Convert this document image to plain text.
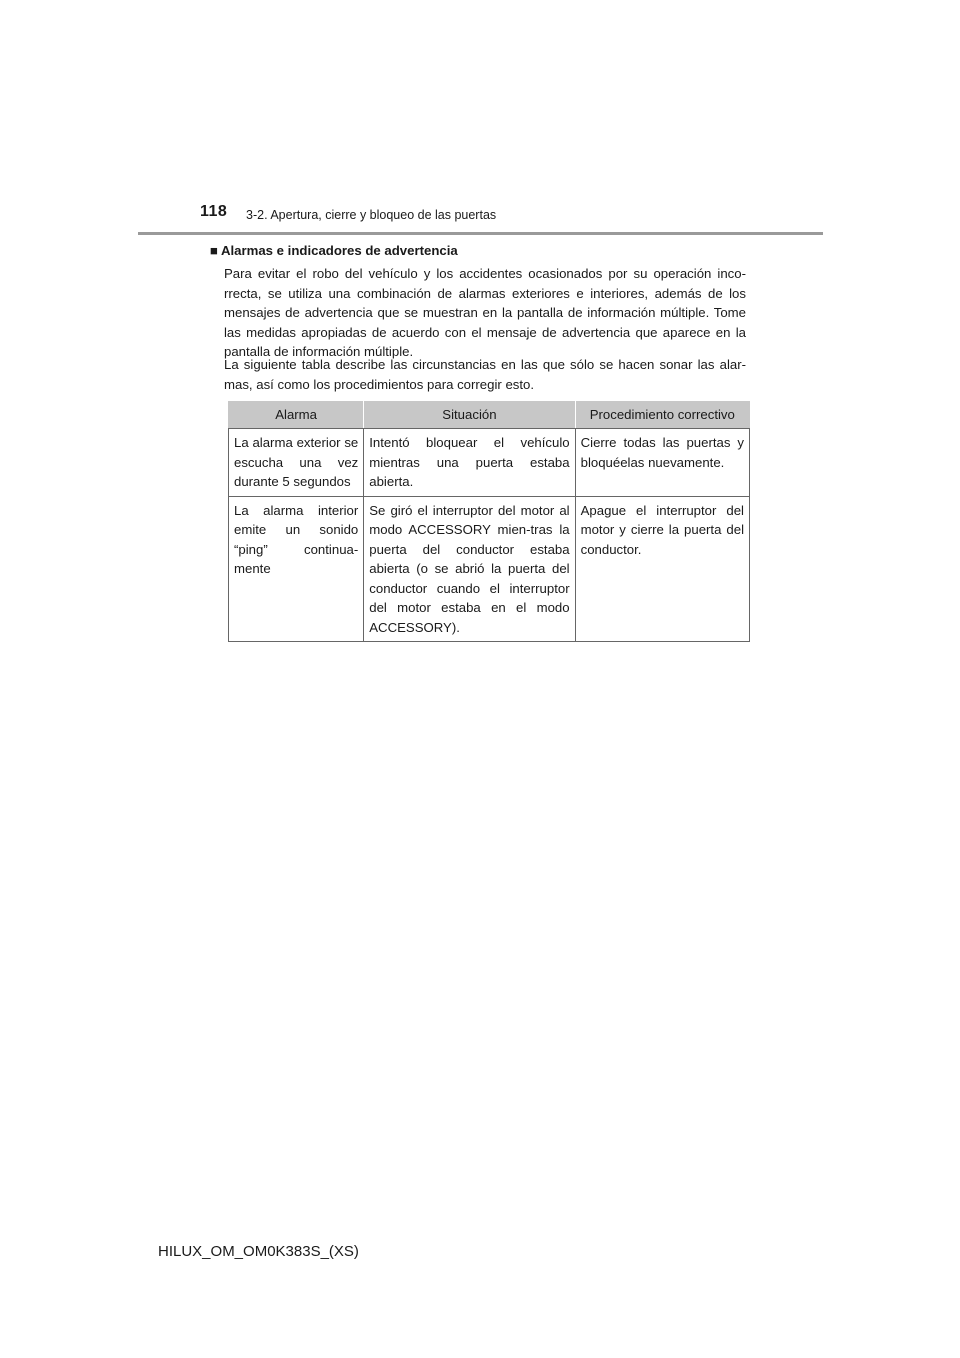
118 3-2. Apertura, cierre y bloqueo de las puertas
■ Alarmas e indicadores de advertencia
Para evitar el robo del vehículo y los accidentes ocasionados por su operación inco-rrecta, se utiliza una combinación de alarmas exteriores e interiores, además de los mensajes de advertencia que se muestran en la pantalla de información múltiple. Tome las medidas apropiadas de acuerdo con el mensaje de advertencia que aparece en la pantalla de información múltiple.
La siguiente tabla describe las circunstancias en las que sólo se hacen sonar las alar-mas, así como los procedimientos para corregir esto.
Alarma	Situación	Procedimiento correctivo
La alarma exterior se escucha una vez durante 5 segundos	Intentó bloquear el vehículo mientras una puerta estaba abierta.	Cierre todas las puertas y bloquéelas nuevamente.
La alarma interior emite un sonido “ping” continua-mente	Se giró el interruptor del motor al modo ACCESSORY mien-tras la puerta del conductor estaba abierta (o se abrió la puerta del conductor cuando el interruptor del motor estaba en el modo ACCESSORY).	Apague el interruptor del motor y cierre la puerta del conductor.
HILUX_OM_OM0K383S_(XS)
